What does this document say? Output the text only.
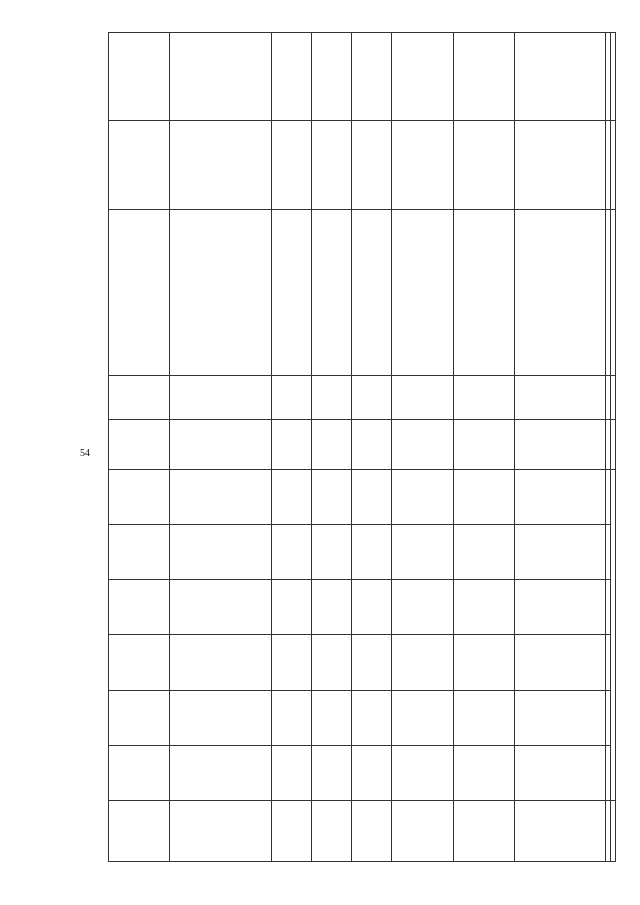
54
